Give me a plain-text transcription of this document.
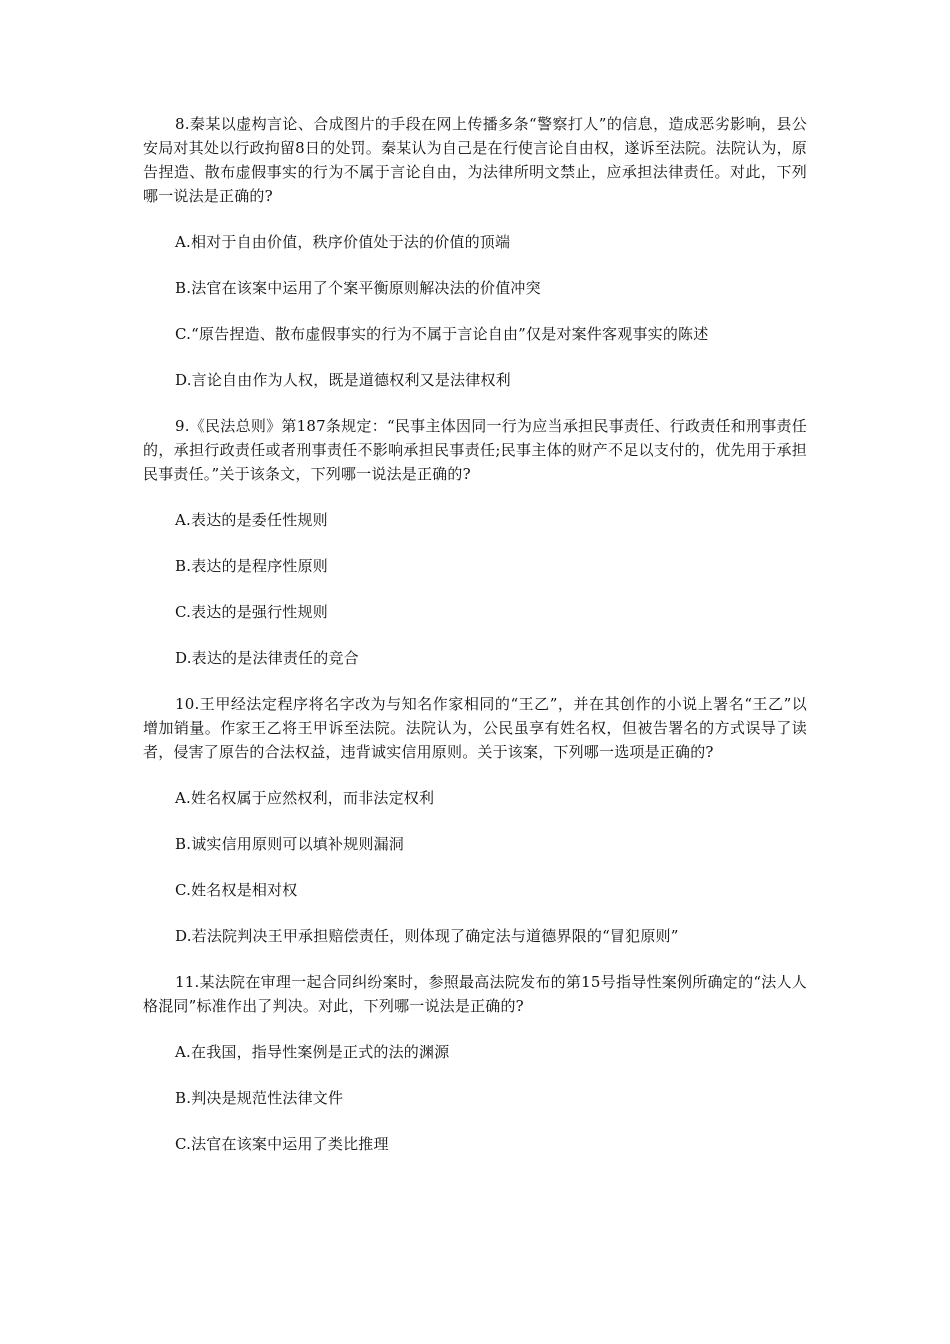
8.秦某以虚构言论、合成图片的手段在网上传播多条“警察打人”的信息，造成恶劣影响，县公安局对其处以行政拘留8日的处罚。秦某认为自己是在行使言论自由权，遂诉至法院。法院认为，原告捏造、散布虚假事实的行为不属于言论自由，为法律所明文禁止，应承担法律责任。对此，下列哪一说法是正确的?

A.相对于自由价值，秩序价值处于法的价值的顶端

B.法官在该案中运用了个案平衡原则解决法的价值冲突

C.“原告捏造、散布虚假事实的行为不属于言论自由”仅是对案件客观事实的陈述

D.言论自由作为人权，既是道德权利又是法律权利

9.《民法总则》第187条规定：“民事主体因同一行为应当承担民事责任、行政责任和刑事责任的，承担行政责任或者刑事责任不影响承担民事责任;民事主体的财产不足以支付的，优先用于承担民事责任。”关于该条文，下列哪一说法是正确的?

A.表达的是委任性规则

B.表达的是程序性原则

C.表达的是强行性规则

D.表达的是法律责任的竞合

10.王甲经法定程序将名字改为与知名作家相同的“王乙”，并在其创作的小说上署名“王乙”以增加销量。作家王乙将王甲诉至法院。法院认为，公民虽享有姓名权，但被告署名的方式误导了读者，侵害了原告的合法权益，违背诚实信用原则。关于该案，下列哪一选项是正确的?

A.姓名权属于应然权利，而非法定权利

B.诚实信用原则可以填补规则漏洞

C.姓名权是相对权

D.若法院判决王甲承担赔偿责任，则体现了确定法与道德界限的“冒犯原则”

11.某法院在审理一起合同纠纷案时，参照最高法院发布的第15号指导性案例所确定的“法人人格混同”标准作出了判决。对此，下列哪一说法是正确的?

A.在我国，指导性案例是正式的法的渊源

B.判决是规范性法律文件

C.法官在该案中运用了类比推理
